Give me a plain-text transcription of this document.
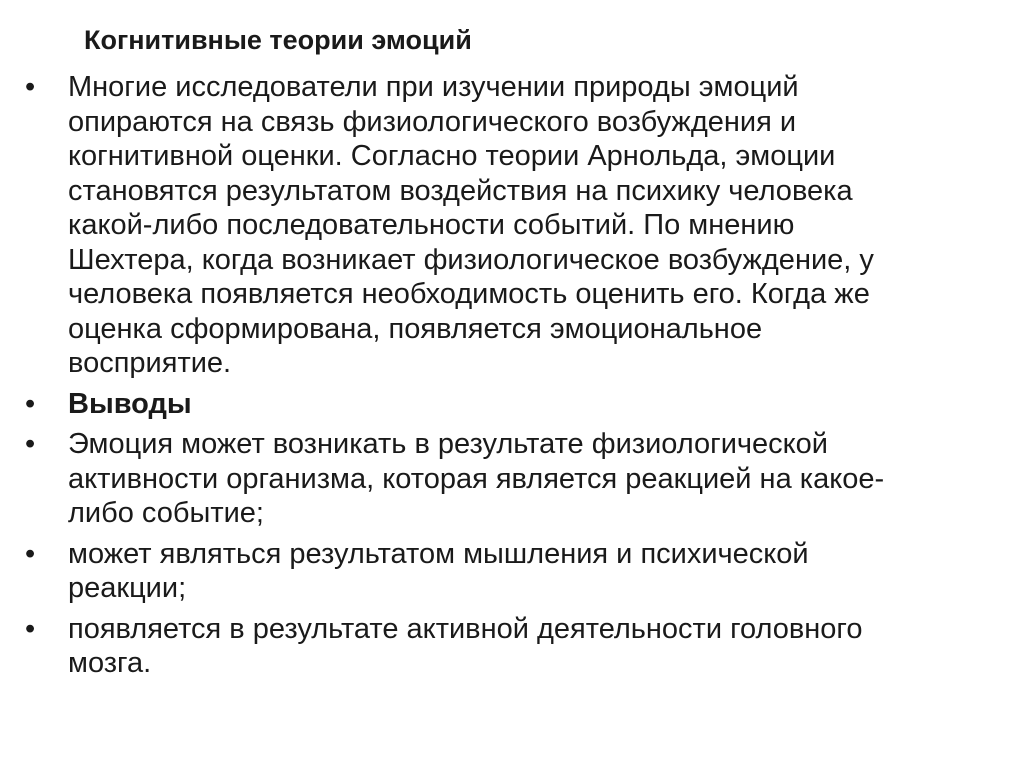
Когнитивные теории эмоций
• Многие исследователи при изучении природы эмоций
опираются на связь физиологического возбуждения и
когнитивной оценки. Согласно теории Арнольда, эмоции
становятся результатом воздействия на психику человека
какой-либо последовательности событий. По мнению
Шехтера, когда возникает физиологическое возбуждение, у
человека появляется необходимость оценить его. Когда же
оценка сформирована, появляется эмоциональное
восприятие.
• Выводы
• Эмоция может возникать в результате физиологической
активности организма, которая является реакцией на какое-
либо событие;
• может являться результатом мышления и психической
реакции;
• появляется в результате активной деятельности головного
мозга.
